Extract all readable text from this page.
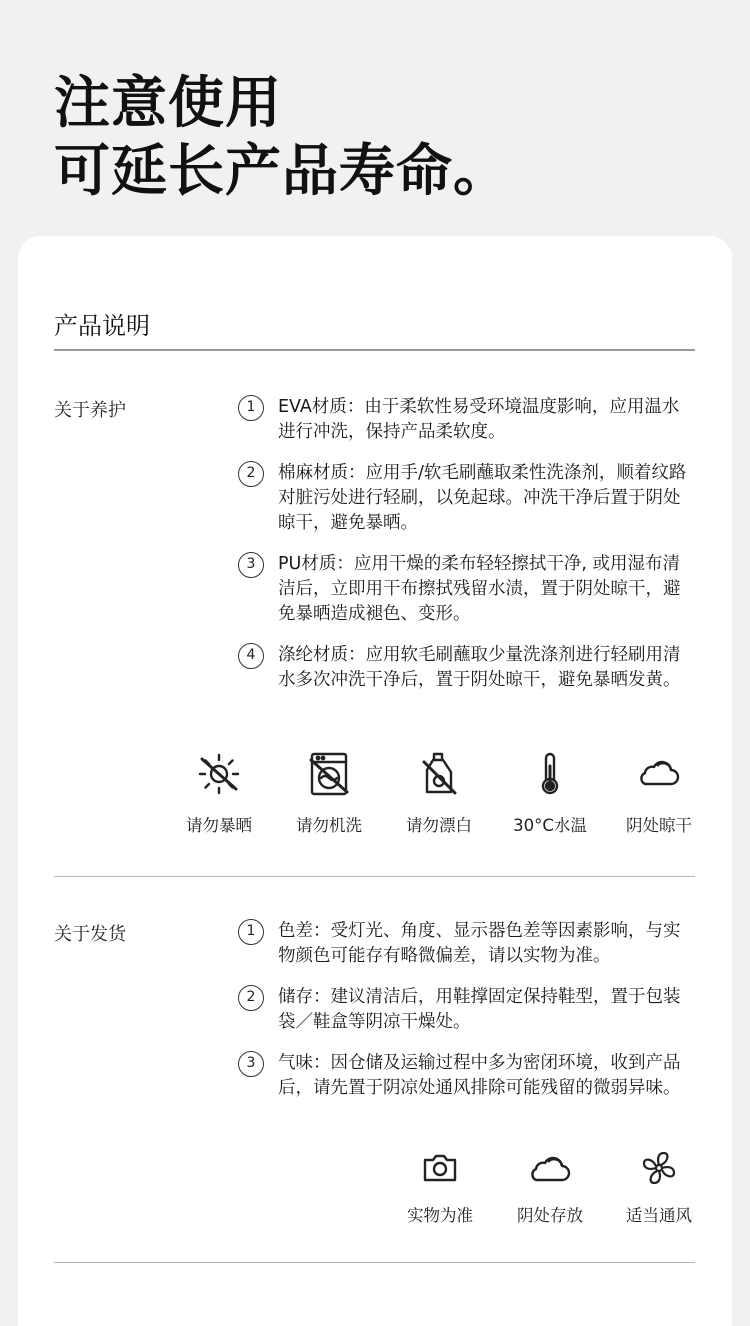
注意使用
可延长产品寿命。
产品说明
关于养护	1	EVA材质：由于柔软性易受环境温度影响，应用温水进行冲洗，保持产品柔软度。
2	棉麻材质：应用手/软毛刷蘸取柔性洗涤剂，顺着纹路对脏污处进行轻刷，以免起球。冲洗干净后置于阴处晾干，避免暴晒。
3	PU材质：应用干燥的柔布轻轻擦拭干净, 或用湿布清洁后，立即用干布擦拭残留水渍，置于阴处晾干，避免暴晒造成褪色、变形。
4	涤纶材质：应用软毛刷蘸取少量洗涤剂进行轻刷用清水多次冲洗干净后，置于阴处晾干，避免暴晒发黄。
请勿暴晒	请勿机洗	请勿漂白	30°C水温	阴处晾干
关于发货	1	色差：受灯光、角度、显示器色差等因素影响，与实物颜色可能存有略微偏差，请以实物为准。
2	储存：建议清洁后，用鞋撑固定保持鞋型，置于包装袋／鞋盒等阴凉干燥处。
3	气味：因仓储及运输过程中多为密闭环境，收到产品后，请先置于阴凉处通风排除可能残留的微弱异味。
实物为准	阴处存放	适当通风
